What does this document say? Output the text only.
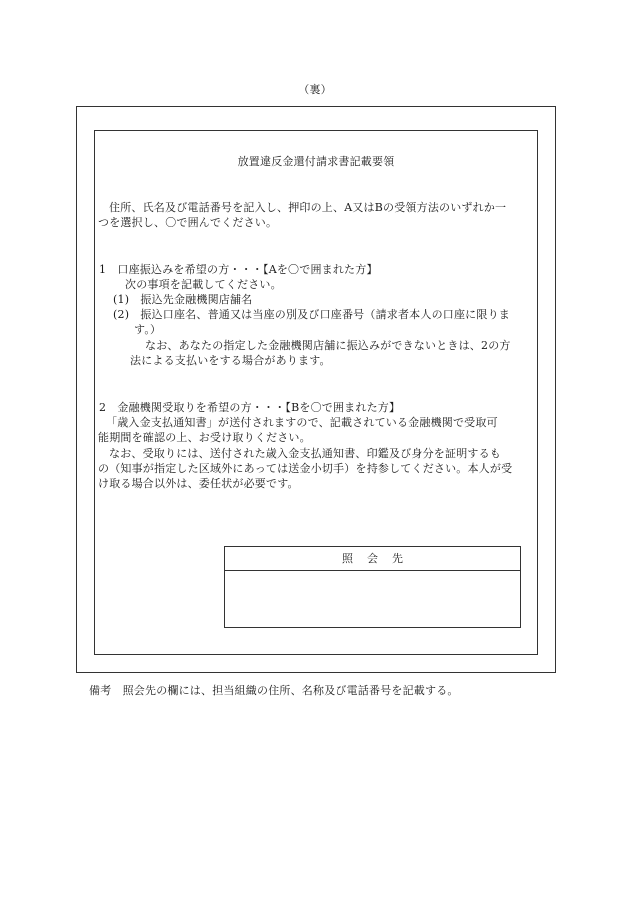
（裏）
放置違反金還付請求書記載要領
住所、氏名及び電話番号を記入し、押印の上、A又はBの受領方法のいずれか一
つを選択し、〇で囲んでください。
1　口座振込みを希望の方・・・【Aを〇で囲まれた方】
次の事項を記載してください。
(1)　振込先金融機関店舗名
(2)　振込口座名、普通又は当座の別及び口座番号（請求者本人の口座に限りま
す。）
なお、あなたの指定した金融機関店舗に振込みができないときは、2の方
法による支払いをする場合があります。
2　金融機関受取りを希望の方・・・【Bを〇で囲まれた方】
「歳入金支払通知書」が送付されますので、記載されている金融機関で受取可
能期間を確認の上、お受け取りください。
なお、受取りには、送付された歳入金支払通知書、印鑑及び身分を証明するも
の（知事が指定した区域外にあっては送金小切手）を持参してください。本人が受
け取る場合以外は、委任状が必要です。
照会先
備考　照会先の欄には、担当組織の住所、名称及び電話番号を記載する。
